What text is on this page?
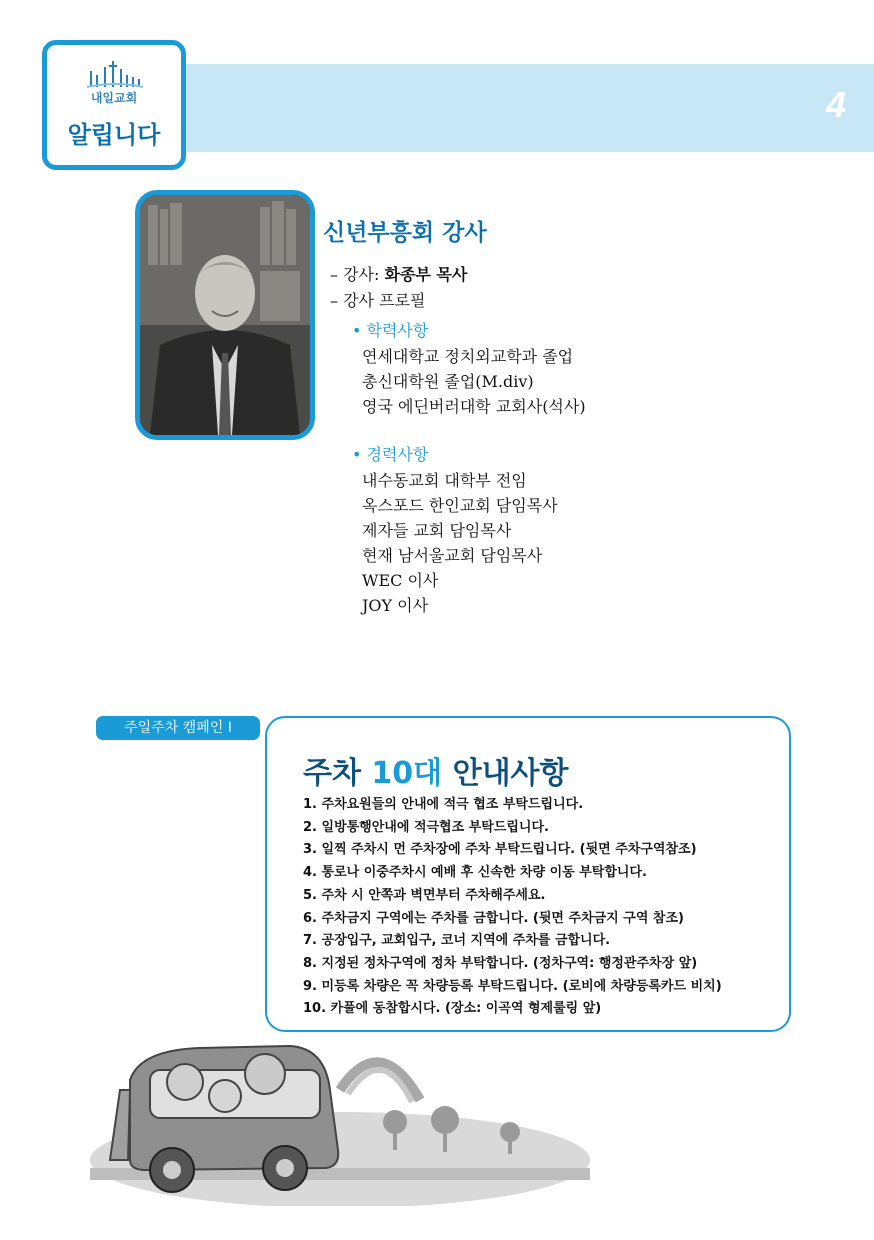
4
내일교회
알립니다
신년부흥회 강사
– 강사: 화종부 목사
– 강사 프로필
• 학력사항
연세대학교 정치외교학과 졸업
총신대학원 졸업(M.div)
영국 에딘버러대학 교회사(석사)
• 경력사항
내수동교회 대학부 전임
옥스포드 한인교회 담임목사
제자들 교회 담임목사
현재 남서울교회 담임목사
WEC 이사
JOY 이사
주일주차 캠페인 I
주차 10대 안내사항
1. 주차요원들의 안내에 적극 협조 부탁드립니다.
2. 일방통행안내에 적극협조 부탁드립니다.
3. 일찍 주차시 먼 주차장에 주차 부탁드립니다. (뒷면 주차구역참조)
4. 통로나 이중주차시 예배 후 신속한 차량 이동 부탁합니다.
5. 주차 시 안쪽과 벽면부터 주차해주세요.
6. 주차금지 구역에는 주차를 금합니다. (뒷면 주차금지 구역 참조)
7. 공장입구, 교회입구, 코너 지역에 주차를 금합니다.
8. 지정된 정차구역에 정차 부탁합니다. (정차구역: 행정관주차장 앞)
9. 미등록 차량은 꼭 차량등록 부탁드립니다. (로비에 차량등록카드 비치)
10. 카풀에 동참합시다. (장소: 이곡역 형제룰링 앞)
